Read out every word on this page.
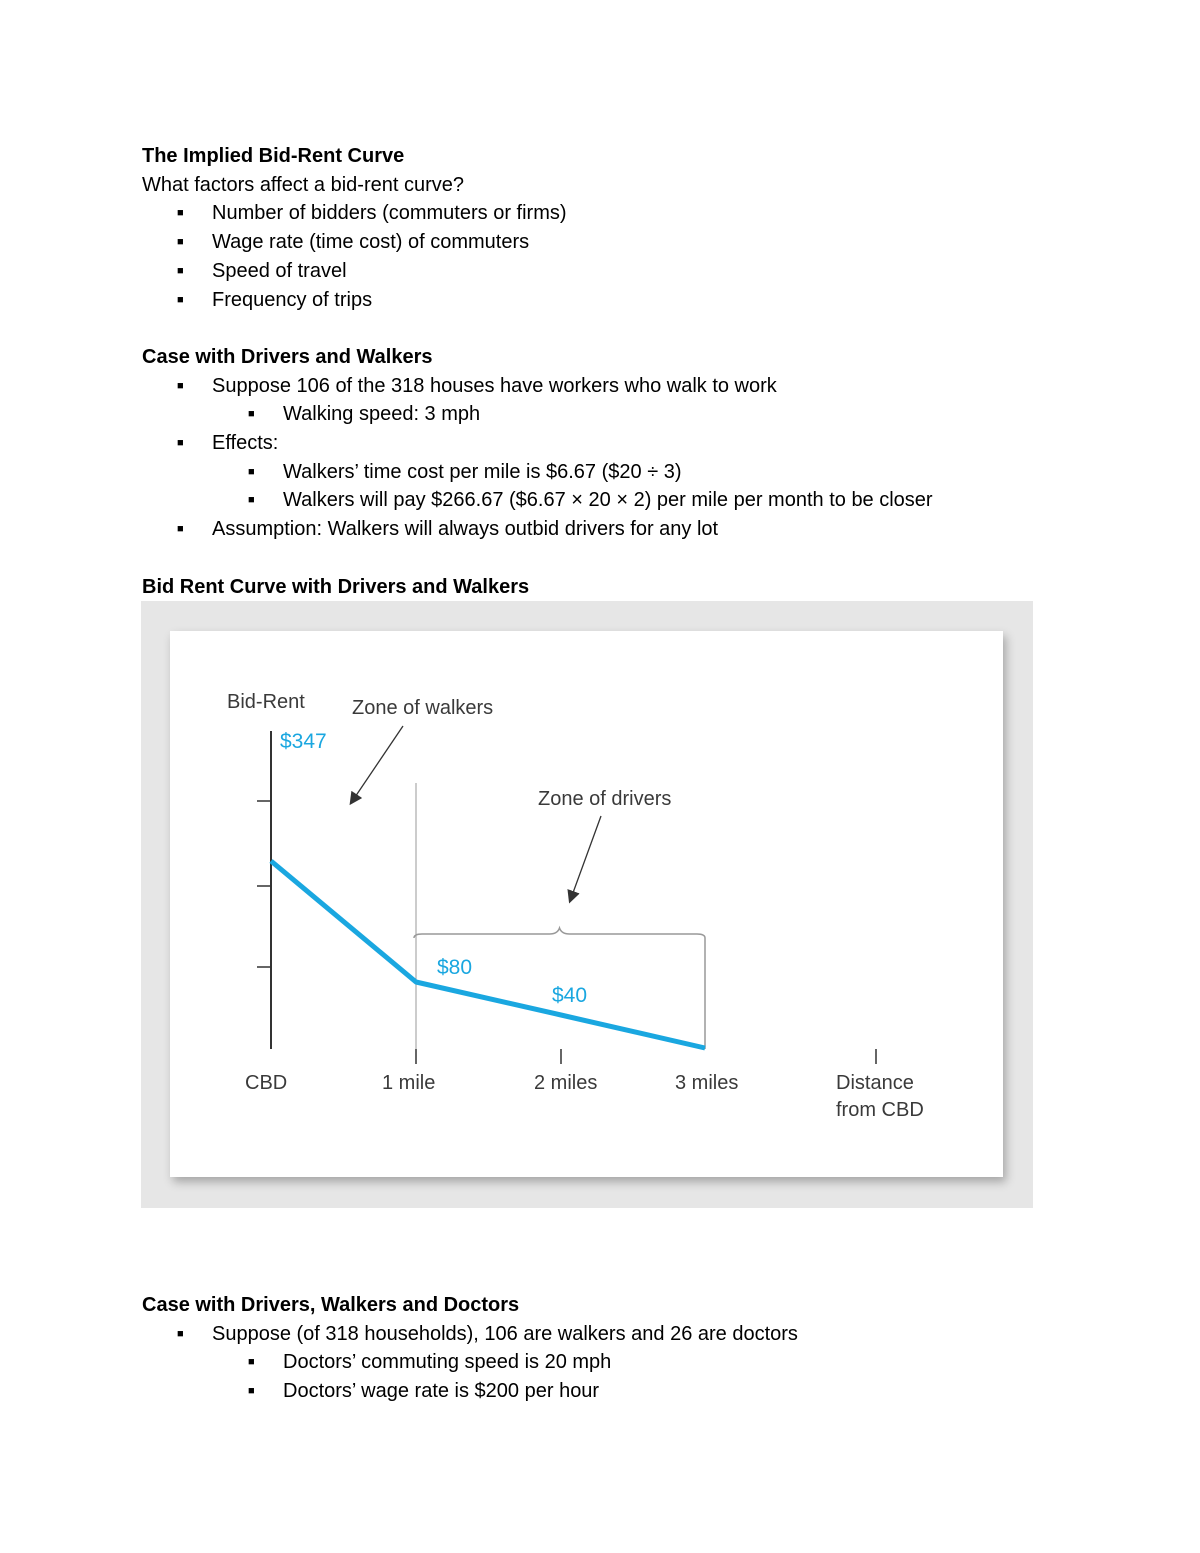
The Implied Bid-Rent Curve
What factors affect a bid-rent curve?
■ Number of bidders (commuters or firms)
■ Wage rate (time cost) of commuters
■ Speed of travel
■ Frequency of trips
Case with Drivers and Walkers
■ Suppose 106 of the 318 houses have workers who walk to work
■ Walking speed: 3 mph
■ Effects:
■ Walkers’ time cost per mile is $6.67 ($20 ÷ 3)
■ Walkers will pay $266.67 ($6.67 × 20 × 2) per mile per month to be closer
■ Assumption: Walkers will always outbid drivers for any lot
Bid Rent Curve with Drivers and Walkers
Bid-Rent
CBD	1 mile	2 miles	3 miles	Distance
from CBD
$347
$80
$40
Zone of walkers
Zone of drivers
Case with Drivers, Walkers and Doctors
■ Suppose (of 318 households), 106 are walkers and 26 are doctors
■ Doctors’ commuting speed is 20 mph
■ Doctors’ wage rate is $200 per hour
